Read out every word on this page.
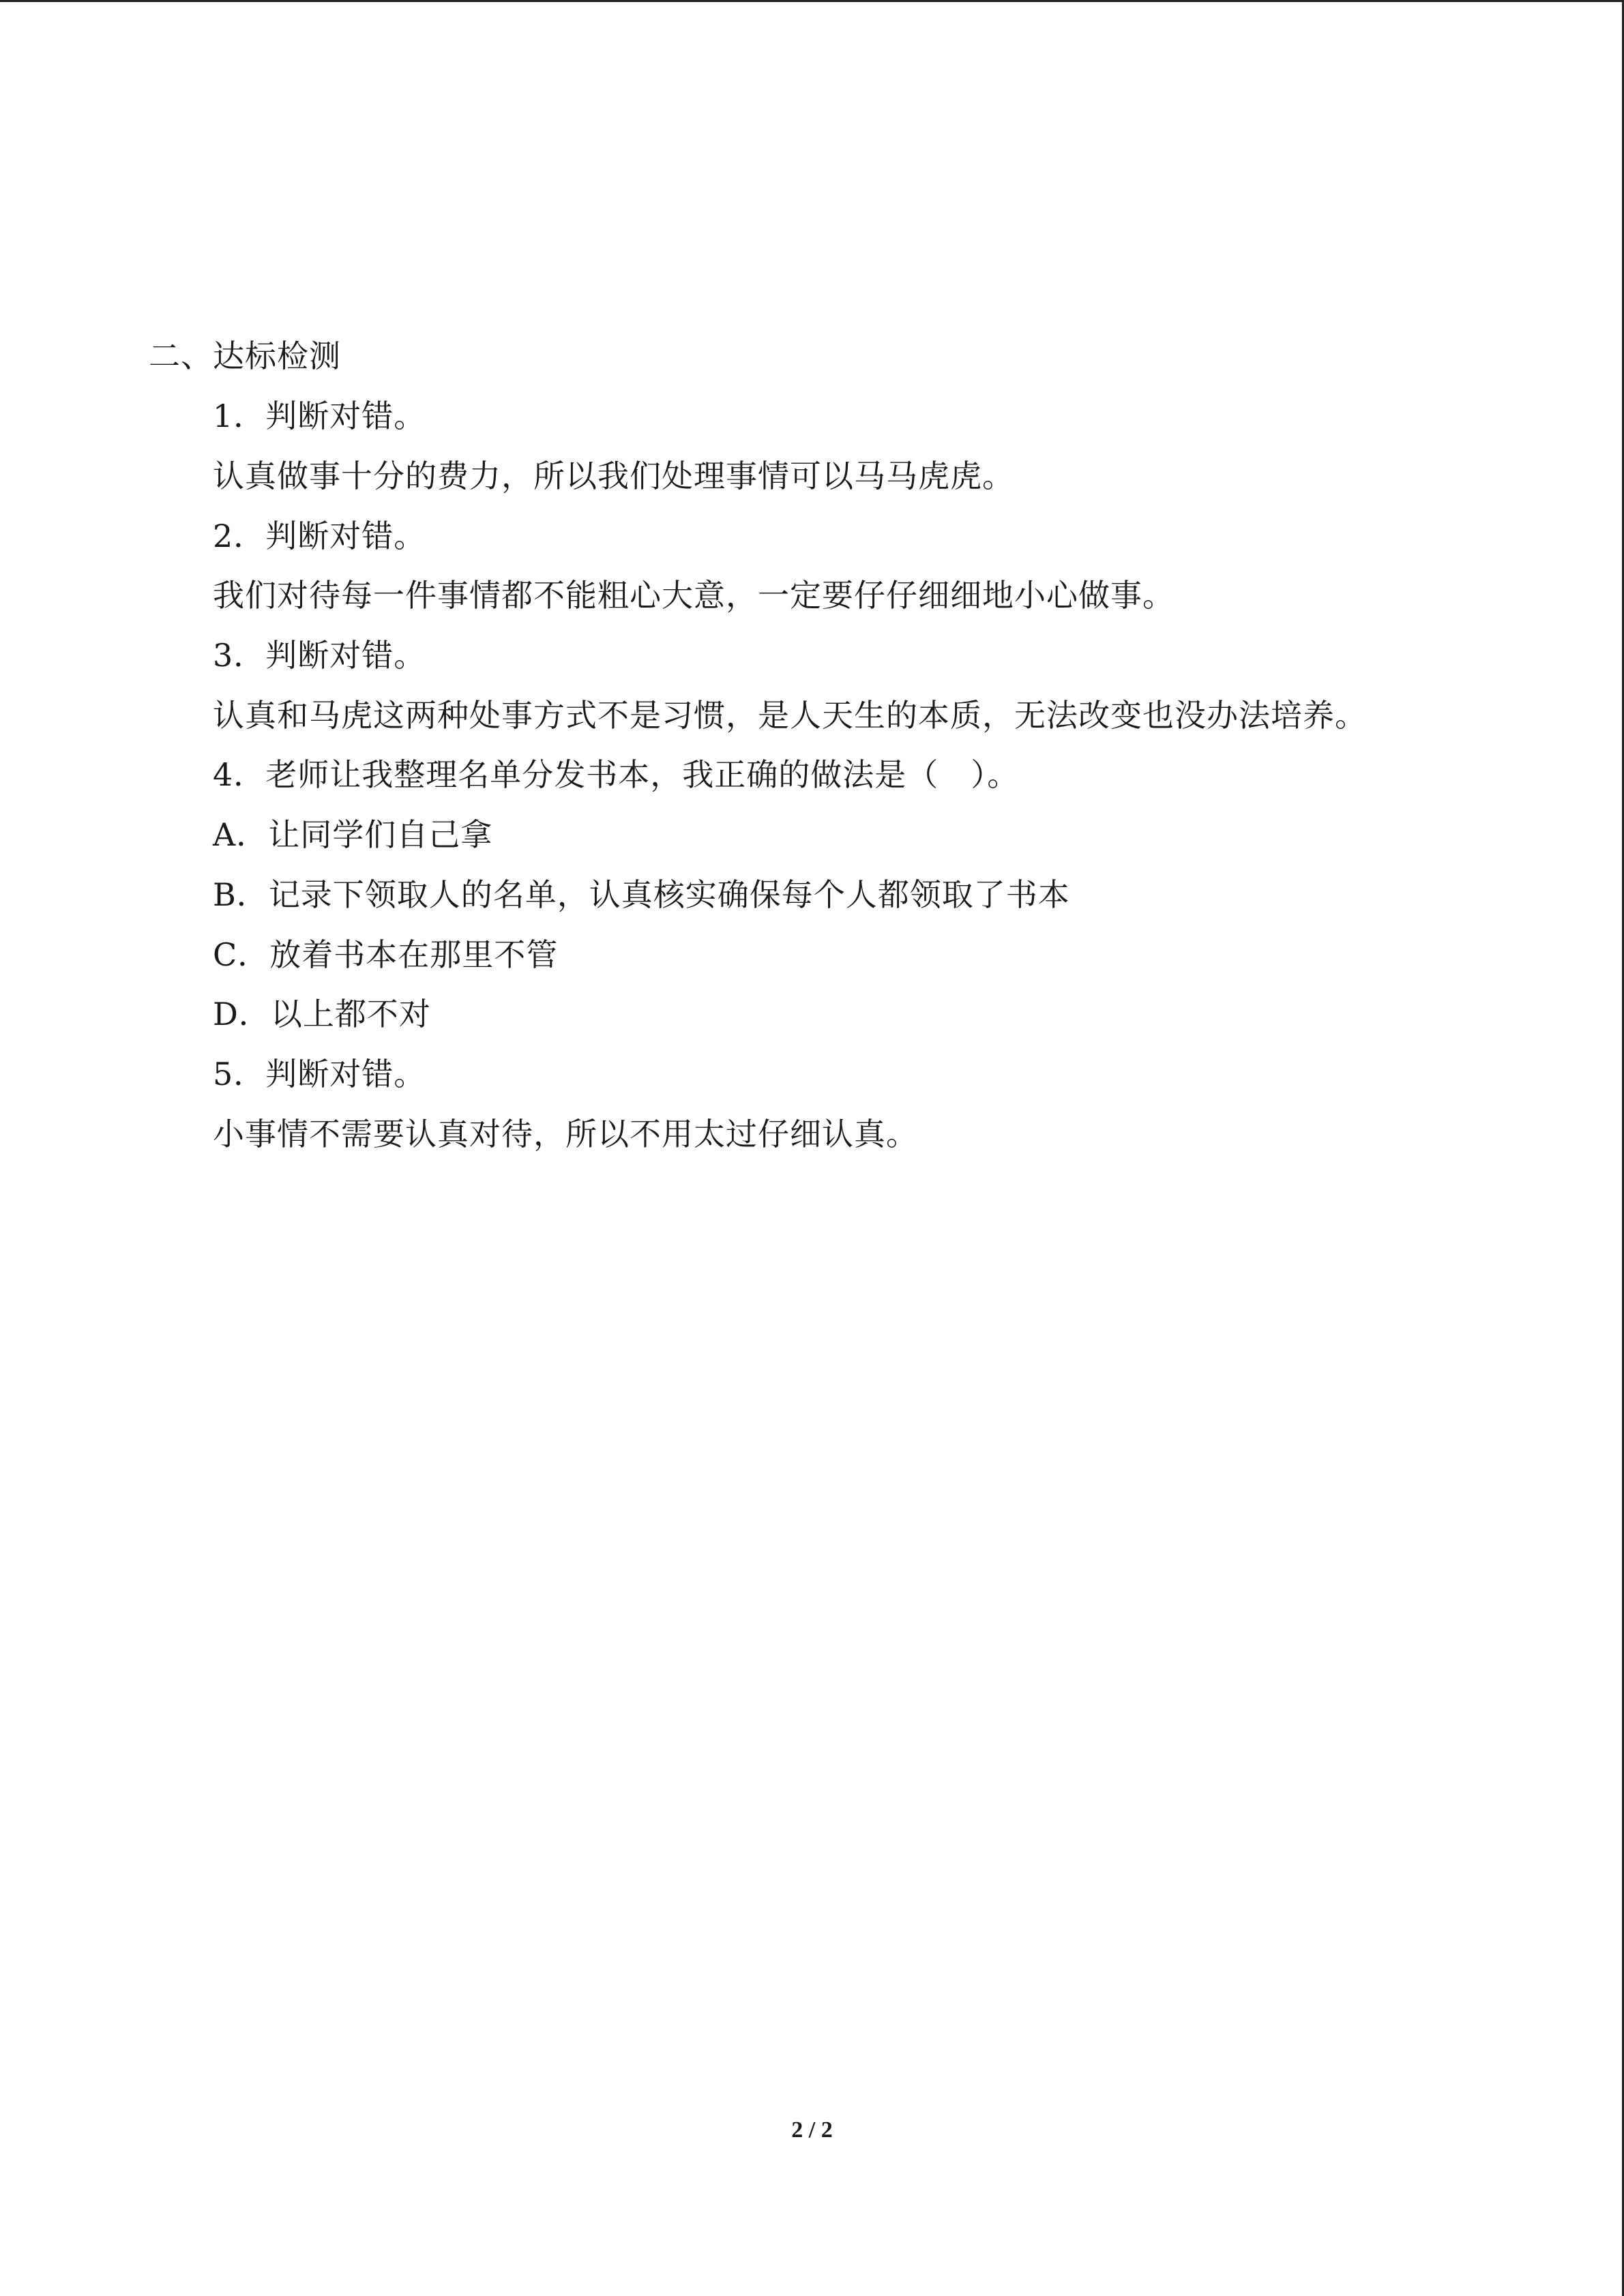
二、达标检测
1．判断对错。
认真做事十分的费力，所以我们处理事情可以马马虎虎。
2．判断对错。
我们对待每一件事情都不能粗心大意，一定要仔仔细细地小心做事。
3．判断对错。
认真和马虎这两种处事方式不是习惯，是人天生的本质，无法改变也没办法培养。
4．老师让我整理名单分发书本，我正确的做法是（　）。
A．让同学们自己拿
B．记录下领取人的名单，认真核实确保每个人都领取了书本
C．放着书本在那里不管
D．以上都不对
5．判断对错。
小事情不需要认真对待，所以不用太过仔细认真。
2 / 2
